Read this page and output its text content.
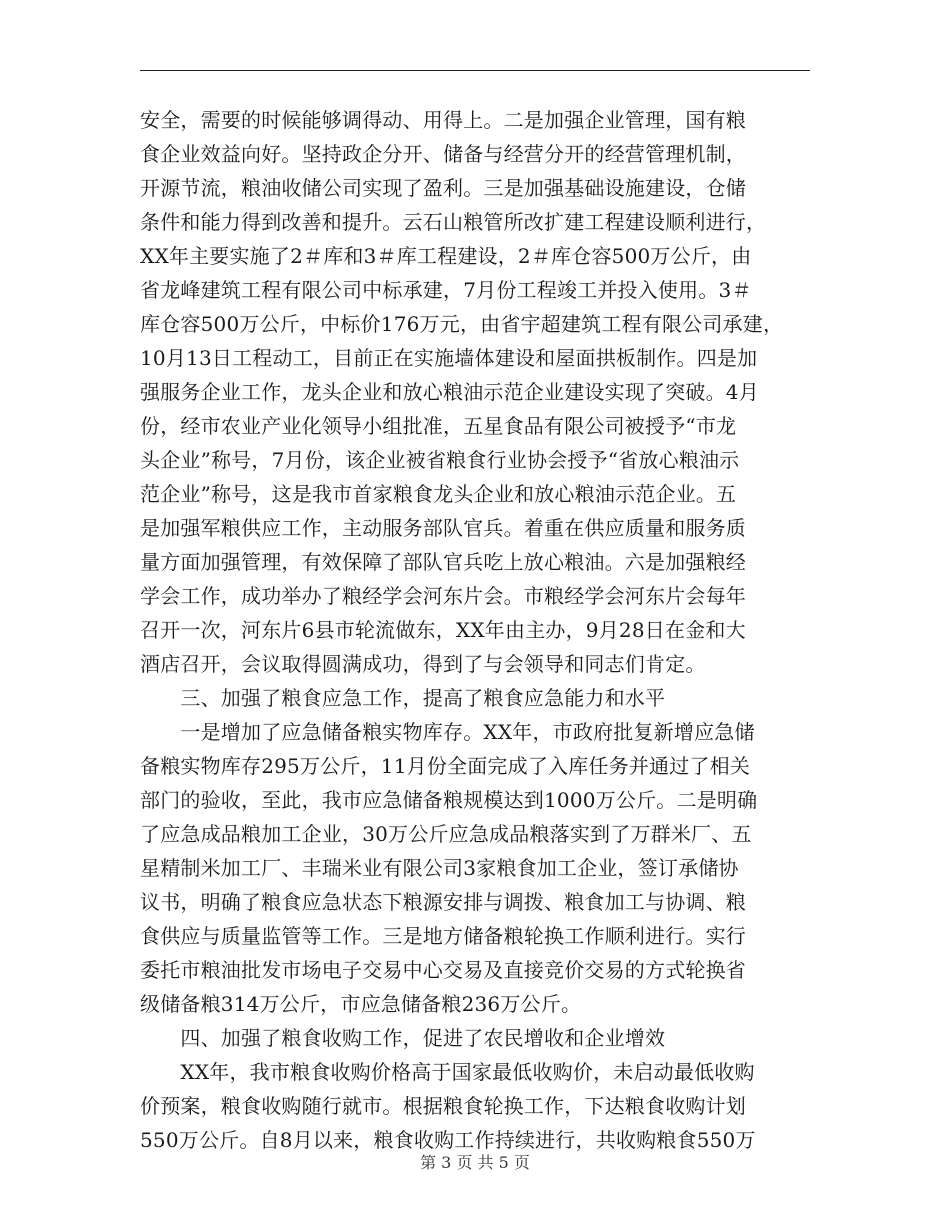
安全，需要的时候能够调得动、用得上。二是加强企业管理，国有粮
食企业效益向好。坚持政企分开、储备与经营分开的经营管理机制，
开源节流，粮油收储公司实现了盈利。三是加强基础设施建设，仓储
条件和能力得到改善和提升。云石山粮管所改扩建工程建设顺利进行，
XX年主要实施了2＃库和3＃库工程建设，2＃库仓容500万公斤，由
省龙峰建筑工程有限公司中标承建，7月份工程竣工并投入使用。3＃
库仓容500万公斤，中标价176万元，由省宇超建筑工程有限公司承建，
10月13日工程动工，目前正在实施墙体建设和屋面拱板制作。四是加
强服务企业工作，龙头企业和放心粮油示范企业建设实现了突破。4月
份，经市农业产业化领导小组批准，五星食品有限公司被授予“市龙
头企业”称号，7月份，该企业被省粮食行业协会授予“省放心粮油示
范企业”称号，这是我市首家粮食龙头企业和放心粮油示范企业。五
是加强军粮供应工作，主动服务部队官兵。着重在供应质量和服务质
量方面加强管理，有效保障了部队官兵吃上放心粮油。六是加强粮经
学会工作，成功举办了粮经学会河东片会。市粮经学会河东片会每年
召开一次，河东片6县市轮流做东，XX年由主办，9月28日在金和大
酒店召开，会议取得圆满成功，得到了与会领导和同志们肯定。
　　三、加强了粮食应急工作，提高了粮食应急能力和水平
　　一是增加了应急储备粮实物库存。XX年，市政府批复新增应急储
备粮实物库存295万公斤，11月份全面完成了入库任务并通过了相关
部门的验收，至此，我市应急储备粮规模达到1000万公斤。二是明确
了应急成品粮加工企业，30万公斤应急成品粮落实到了万群米厂、五
星精制米加工厂、丰瑞米业有限公司3家粮食加工企业，签订承储协
议书，明确了粮食应急状态下粮源安排与调拨、粮食加工与协调、粮
食供应与质量监管等工作。三是地方储备粮轮换工作顺利进行。实行
委托市粮油批发市场电子交易中心交易及直接竞价交易的方式轮换省
级储备粮314万公斤，市应急储备粮236万公斤。
　　四、加强了粮食收购工作，促进了农民增收和企业增效
　　XX年，我市粮食收购价格高于国家最低收购价，未启动最低收购
价预案，粮食收购随行就市。根据粮食轮换工作，下达粮食收购计划
550万公斤。自8月以来，粮食收购工作持续进行，共收购粮食550万
第 3 页 共 5 页
